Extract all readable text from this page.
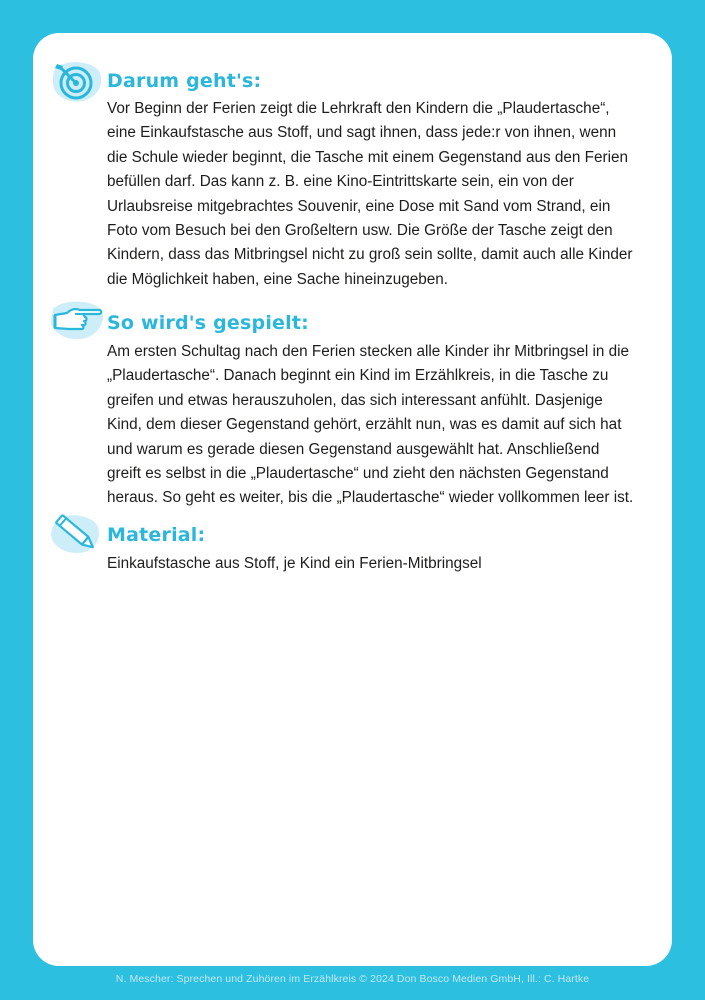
Darum geht's:

Vor Beginn der Ferien zeigt die Lehrkraft den Kindern die „Plaudertasche“, eine Einkaufstasche aus Stoff, und sagt ihnen, dass jede:r von ihnen, wenn die Schule wieder beginnt, die Tasche mit einem Gegenstand aus den Ferien befüllen darf. Das kann z. B. eine Kino-Eintrittskarte sein, ein von der Urlaubsreise mitgebrachtes Souvenir, eine Dose mit Sand vom Strand, ein Foto vom Besuch bei den Großeltern usw. Die Größe der Tasche zeigt den Kindern, dass das Mitbringsel nicht zu groß sein sollte, damit auch alle Kinder die Möglichkeit haben, eine Sache hineinzugeben.

So wird's gespielt:

Am ersten Schultag nach den Ferien stecken alle Kinder ihr Mitbringsel in die „Plaudertasche“. Danach beginnt ein Kind im Erzählkreis, in die Tasche zu greifen und etwas herauszuholen, das sich interessant anfühlt. Dasjenige Kind, dem dieser Gegenstand gehört, erzählt nun, was es damit auf sich hat und warum es gerade diesen Gegenstand ausgewählt hat. Anschließend greift es selbst in die „Plaudertasche“ und zieht den nächsten Gegenstand heraus. So geht es weiter, bis die „Plaudertasche“ wieder vollkommen leer ist.

Material:

Einkaufstasche aus Stoff, je Kind ein Ferien-Mitbringsel

N. Mescher: Sprechen und Zuhören im Erzählkreis © 2024 Don Bosco Medien GmbH, Ill.: C. Hartke
